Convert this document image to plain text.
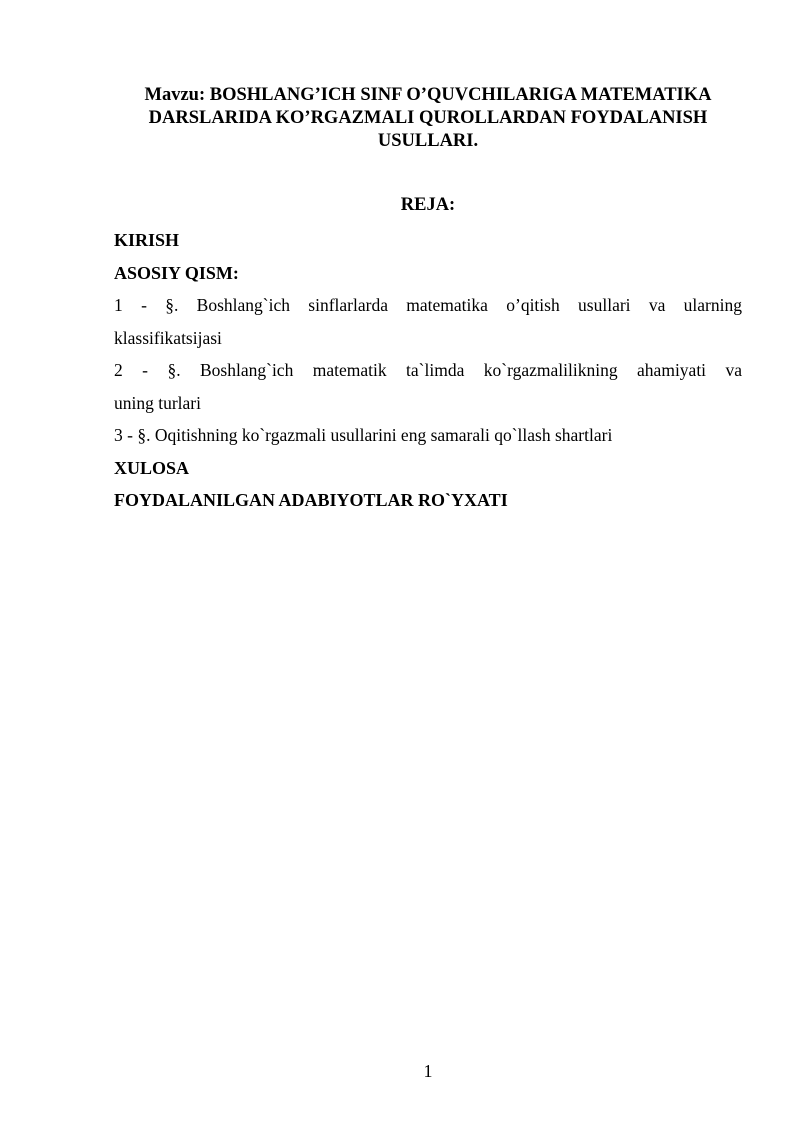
Mavzu: BOSHLANG’ICH SINF O’QUVCHILARIGA MATEMATIKA DARSLARIDA KO’RGAZMALI QUROLLARDAN FOYDALANISH USULLARI.
REJA:
KIRISH
ASOSIY QISM:
1 - §. Boshlang`ich sinflarlarda matematika o’qitish usullari va ularning
klassifikatsijasi
2 - §. Boshlang`ich matematik ta`limda ko`rgazmalilikning ahamiyati va
uning turlari
3 - §. Oqitishning ko`rgazmali usullarini eng samarali qo`llash shartlari
XULOSA
FOYDALANILGAN ADABIYOTLAR RO`YXATI
1
